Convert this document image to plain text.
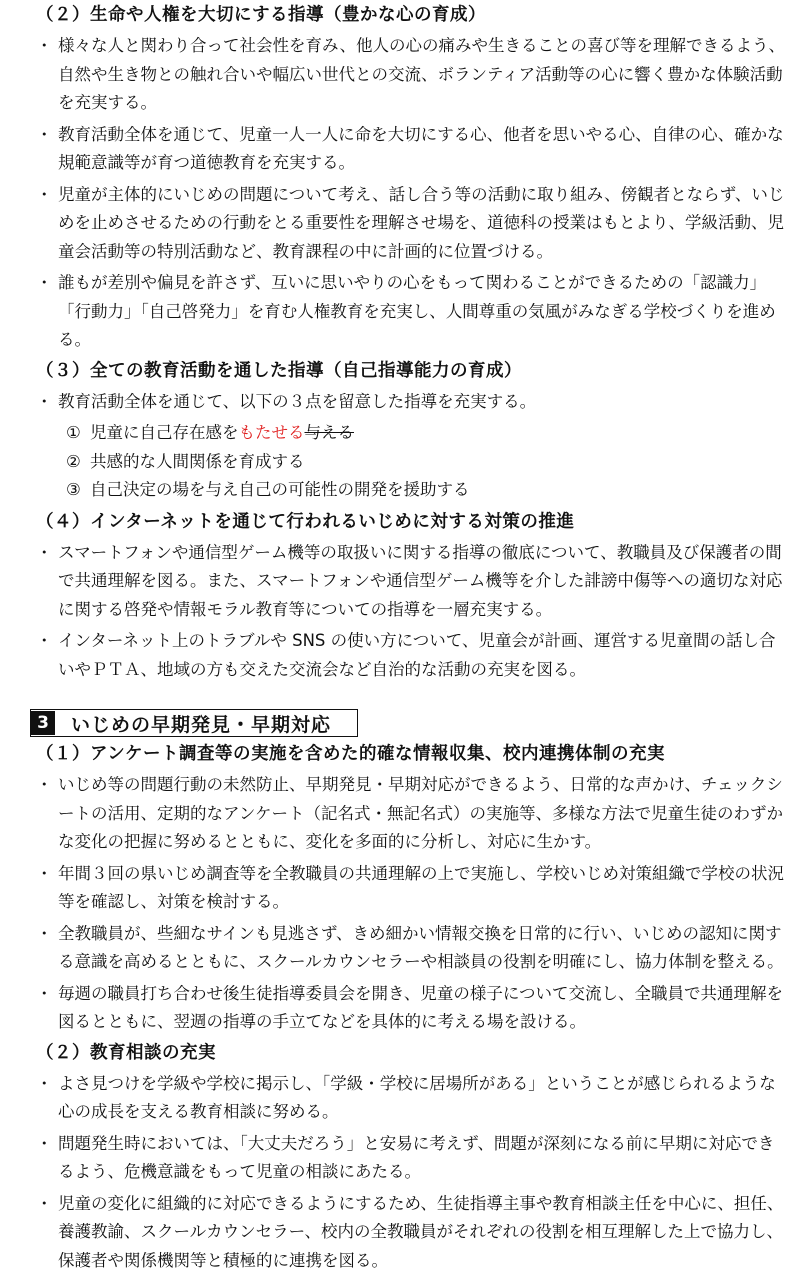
（２）生命や人権を大切にする指導（豊かな心の育成）
・ 様々な人と関わり合って社会性を育み、他人の心の痛みや生きることの喜び等を理解できるよう、自然や生き物との触れ合いや幅広い世代との交流、ボランティア活動等の心に響く豊かな体験活動を充実する。
・ 教育活動全体を通じて、児童一人一人に命を大切にする心、他者を思いやる心、自律の心、確かな規範意識等が育つ道徳教育を充実する。
・ 児童が主体的にいじめの問題について考え、話し合う等の活動に取り組み、傍観者とならず、いじめを止めさせるための行動をとる重要性を理解させ場を、道徳科の授業はもとより、学級活動、児童会活動等の特別活動など、教育課程の中に計画的に位置づける。
・ 誰もが差別や偏見を許さず、互いに思いやりの心をもって関わることができるための「認識力」「行動力」「自己啓発力」を育む人権教育を充実し、人間尊重の気風がみなぎる学校づくりを進める。
（３）全ての教育活動を通した指導（自己指導能力の育成）
・ 教育活動全体を通じて、以下の３点を留意した指導を充実する。
① 児童に自己存在感をもたせる与える
② 共感的な人間関係を育成する
③ 自己決定の場を与え自己の可能性の開発を援助する
（４）インターネットを通じて行われるいじめに対する対策の推進
・ スマートフォンや通信型ゲーム機等の取扱いに関する指導の徹底について、教職員及び保護者の間で共通理解を図る。また、スマートフォンや通信型ゲーム機等を介した誹謗中傷等への適切な対応に関する啓発や情報モラル教育等についての指導を一層充実する。
・ インターネット上のトラブルや SNS の使い方について、児童会が計画、運営する児童間の話し合いやＰＴＡ、地域の方も交えた交流会など自治的な活動の充実を図る。
3	いじめの早期発見・早期対応
（１）アンケート調査等の実施を含めた的確な情報収集、校内連携体制の充実
・ いじめ等の問題行動の未然防止、早期発見・早期対応ができるよう、日常的な声かけ、チェックシートの活用、定期的なアンケート（記名式・無記名式）の実施等、多様な方法で児童生徒のわずかな変化の把握に努めるとともに、変化を多面的に分析し、対応に生かす。
・ 年間３回の県いじめ調査等を全教職員の共通理解の上で実施し、学校いじめ対策組織で学校の状況等を確認し、対策を検討する。
・ 全教職員が、些細なサインも見逃さず、きめ細かい情報交換を日常的に行い、いじめの認知に関する意識を高めるとともに、スクールカウンセラーや相談員の役割を明確にし、協力体制を整える。
・ 毎週の職員打ち合わせ後生徒指導委員会を開き、児童の様子について交流し、全職員で共通理解を図るとともに、翌週の指導の手立てなどを具体的に考える場を設ける。
（２）教育相談の充実
・ よさ見つけを学級や学校に掲示し、「学級・学校に居場所がある」ということが感じられるような心の成長を支える教育相談に努める。
・ 問題発生時においては、「大丈夫だろう」と安易に考えず、問題が深刻になる前に早期に対応できるよう、危機意識をもって児童の相談にあたる。
・ 児童の変化に組織的に対応できるようにするため、生徒指導主事や教育相談主任を中心に、担任、養護教諭、スクールカウンセラー、校内の全教職員がそれぞれの役割を相互理解した上で協力し、保護者や関係機関等と積極的に連携を図る。
